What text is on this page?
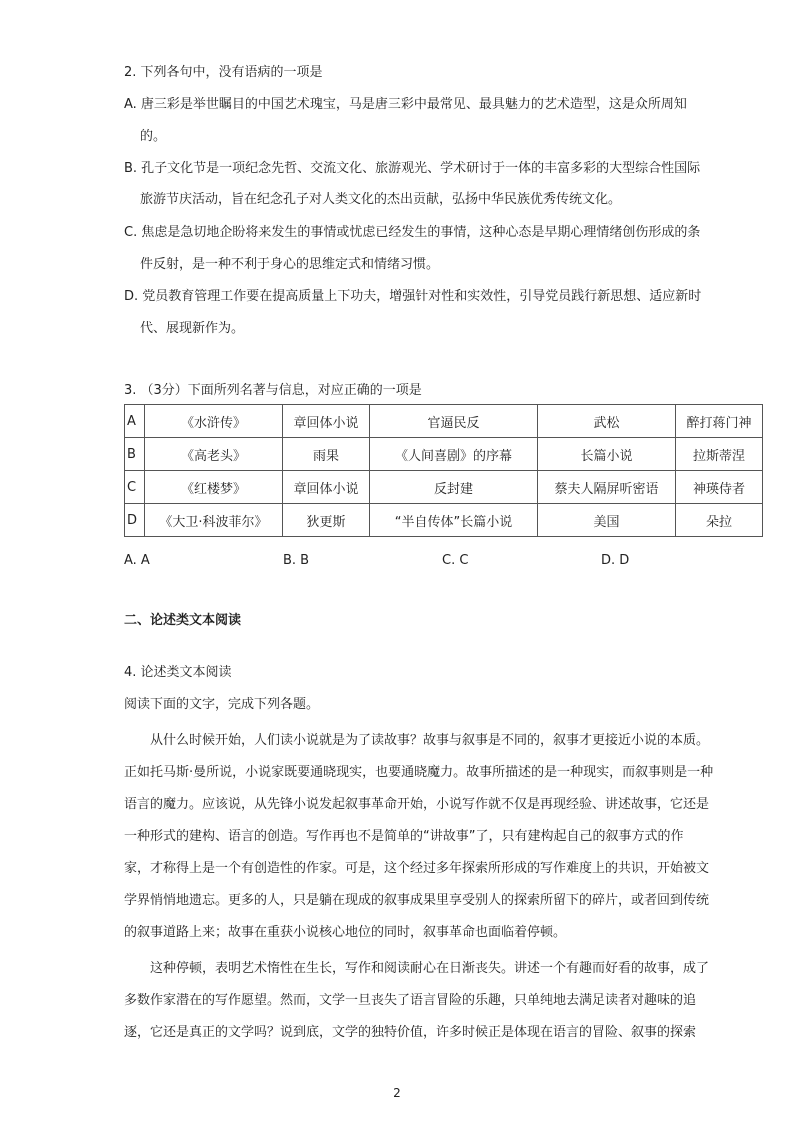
2. 下列各句中，没有语病的一项是
A. 唐三彩是举世瞩目的中国艺术瑰宝，马是唐三彩中最常见、最具魅力的艺术造型，这是众所周知
的。
B. 孔子文化节是一项纪念先哲、交流文化、旅游观光、学术研讨于一体的丰富多彩的大型综合性国际
旅游节庆活动，旨在纪念孔子对人类文化的杰出贡献，弘扬中华民族优秀传统文化。
C. 焦虑是急切地企盼将来发生的事情或忧虑已经发生的事情，这种心态是早期心理情绪创伤形成的条
件反射，是一种不利于身心的思维定式和情绪习惯。
D. 党员教育管理工作要在提高质量上下功夫，增强针对性和实效性，引导党员践行新思想、适应新时
代、展现新作为。
3. （3分）下面所列名著与信息，对应正确的一项是
A	《水浒传》	章回体小说	官逼民反	武松	醉打蒋门神
B	《高老头》	雨果	《人间喜剧》的序幕	长篇小说	拉斯蒂涅
C	《红楼梦》	章回体小说	反封建	蔡夫人隔屏听密语	神瑛侍者
D	《大卫·科波菲尔》	狄更斯	“半自传体”长篇小说	美国	朵拉
A. A	B. B	C. C	D. D
二、论述类文本阅读
4. 论述类文本阅读
阅读下面的文字，完成下列各题。
从什么时候开始，人们读小说就是为了读故事？故事与叙事是不同的，叙事才更接近小说的本质。
正如托马斯·曼所说，小说家既要通晓现实，也要通晓魔力。故事所描述的是一种现实，而叙事则是一种
语言的魔力。应该说，从先锋小说发起叙事革命开始，小说写作就不仅是再现经验、讲述故事，它还是
一种形式的建构、语言的创造。写作再也不是简单的“讲故事”了，只有建构起自己的叙事方式的作
家，才称得上是一个有创造性的作家。可是，这个经过多年探索所形成的写作难度上的共识，开始被文
学界悄悄地遗忘。更多的人，只是躺在现成的叙事成果里享受别人的探索所留下的碎片，或者回到传统
的叙事道路上来；故事在重获小说核心地位的同时，叙事革命也面临着停顿。
这种停顿，表明艺术惰性在生长，写作和阅读耐心在日渐丧失。讲述一个有趣而好看的故事，成了
多数作家潜在的写作愿望。然而，文学一旦丧失了语言冒险的乐趣，只单纯地去满足读者对趣味的追
逐，它还是真正的文学吗？说到底，文学的独特价值，许多时候正是体现在语言的冒险、叙事的探索
2
